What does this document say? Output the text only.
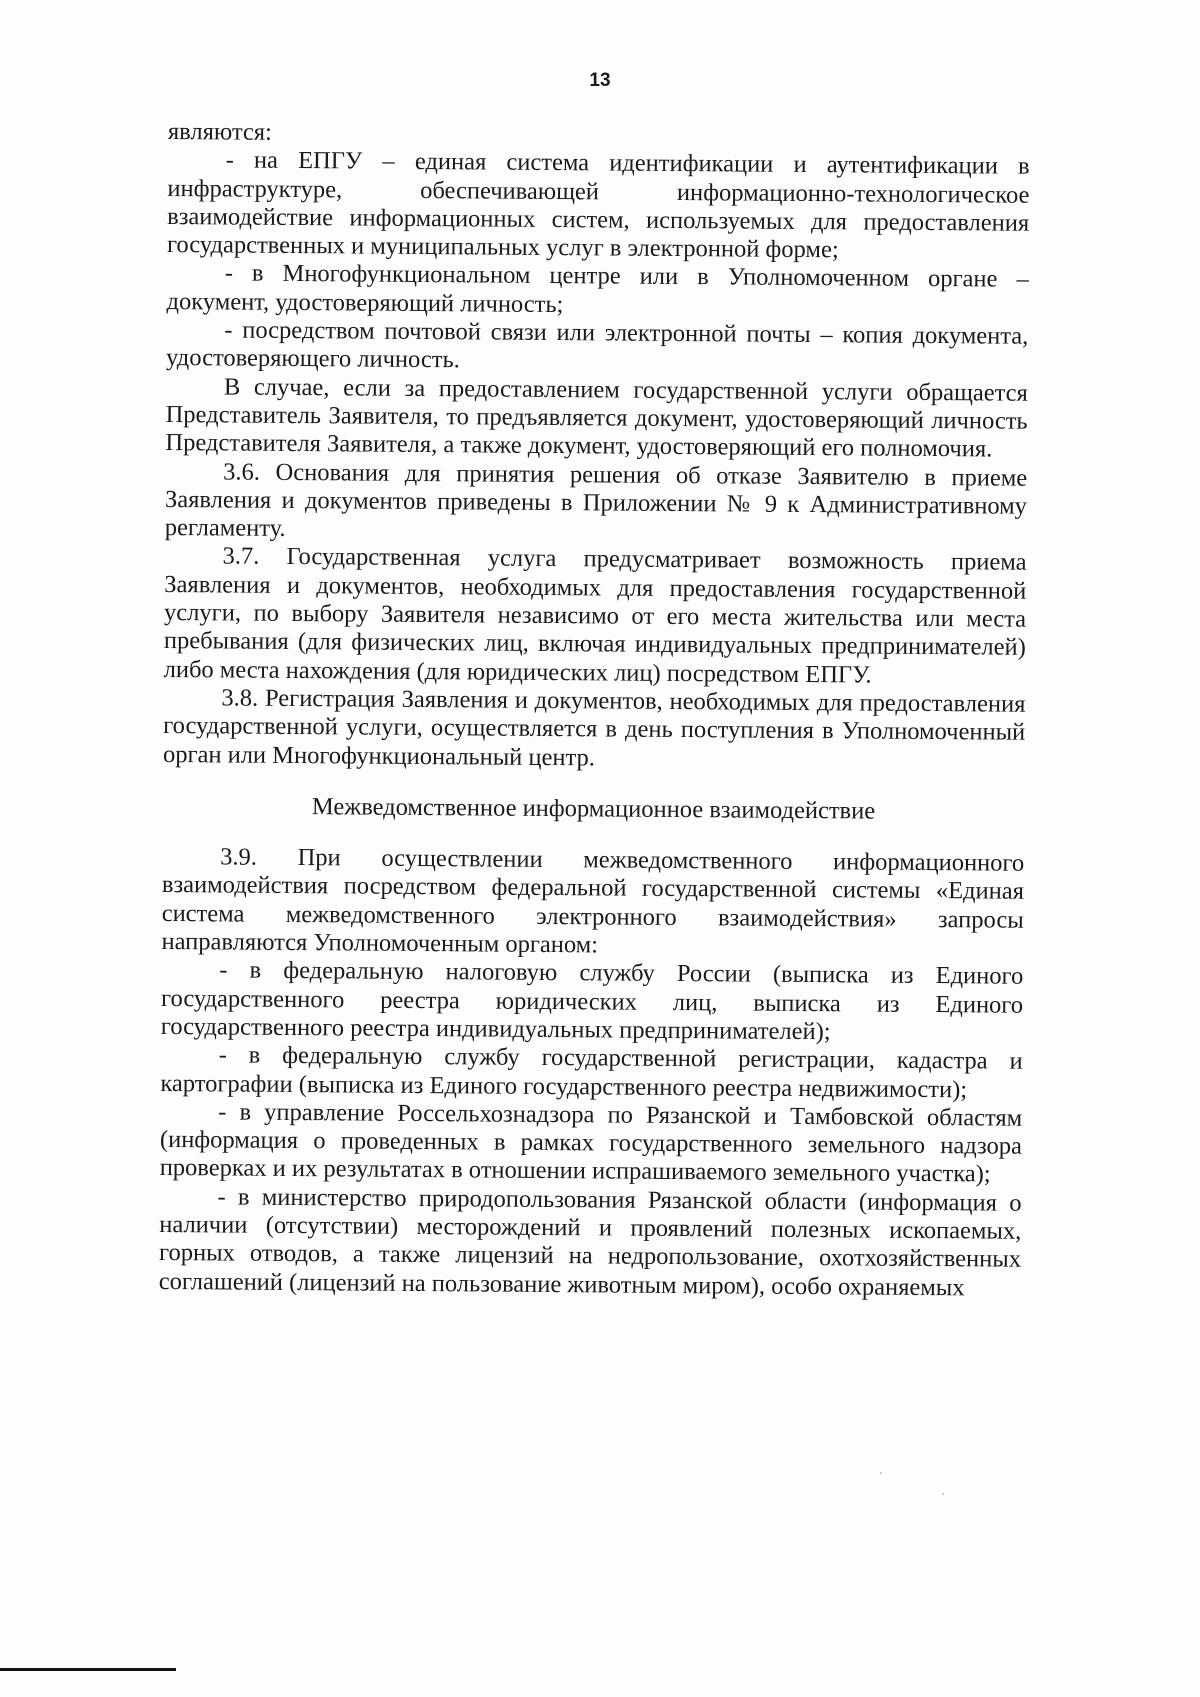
13

являются:

- на ЕПГУ – единая система идентификации и аутентификации в инфраструктуре, обеспечивающей информационно-технологическое взаимодействие информационных систем, используемых для предоставления государственных и муниципальных услуг в электронной форме;

- в Многофункциональном центре или в Уполномоченном органе – документ, удостоверяющий личность;

- посредством почтовой связи или электронной почты – копия документа, удостоверяющего личность.

В случае, если за предоставлением государственной услуги обращается Представитель Заявителя, то предъявляется документ, удостоверяющий личность Представителя Заявителя, а также документ, удостоверяющий его полномочия.

3.6. Основания для принятия решения об отказе Заявителю в приеме Заявления и документов приведены в Приложении № 9 к Административному регламенту.

3.7. Государственная услуга предусматривает возможность приема Заявления и документов, необходимых для предоставления государственной услуги, по выбору Заявителя независимо от его места жительства или места пребывания (для физических лиц, включая индивидуальных предпринимателей) либо места нахождения (для юридических лиц) посредством ЕПГУ.

3.8. Регистрация Заявления и документов, необходимых для предоставления государственной услуги, осуществляется в день поступления в Уполномоченный орган или Многофункциональный центр.

Межведомственное информационное взаимодействие

3.9. При осуществлении межведомственного информационного взаимодействия посредством федеральной государственной системы «Единая система межведомственного электронного взаимодействия» запросы направляются Уполномоченным органом:

- в федеральную налоговую службу России (выписка из Единого государственного реестра юридических лиц, выписка из Единого государственного реестра индивидуальных предпринимателей);

- в федеральную службу государственной регистрации, кадастра и картографии (выписка из Единого государственного реестра недвижимости);

- в управление Россельхознадзора по Рязанской и Тамбовской областям (информация о проведенных в рамках государственного земельного надзора проверках и их результатах в отношении испрашиваемого земельного участка);

- в министерство природопользования Рязанской области (информация о наличии (отсутствии) месторождений и проявлений полезных ископаемых, горных отводов, а также лицензий на недропользование, охотхозяйственных соглашений (лицензий на пользование животным миром), особо охраняемых
